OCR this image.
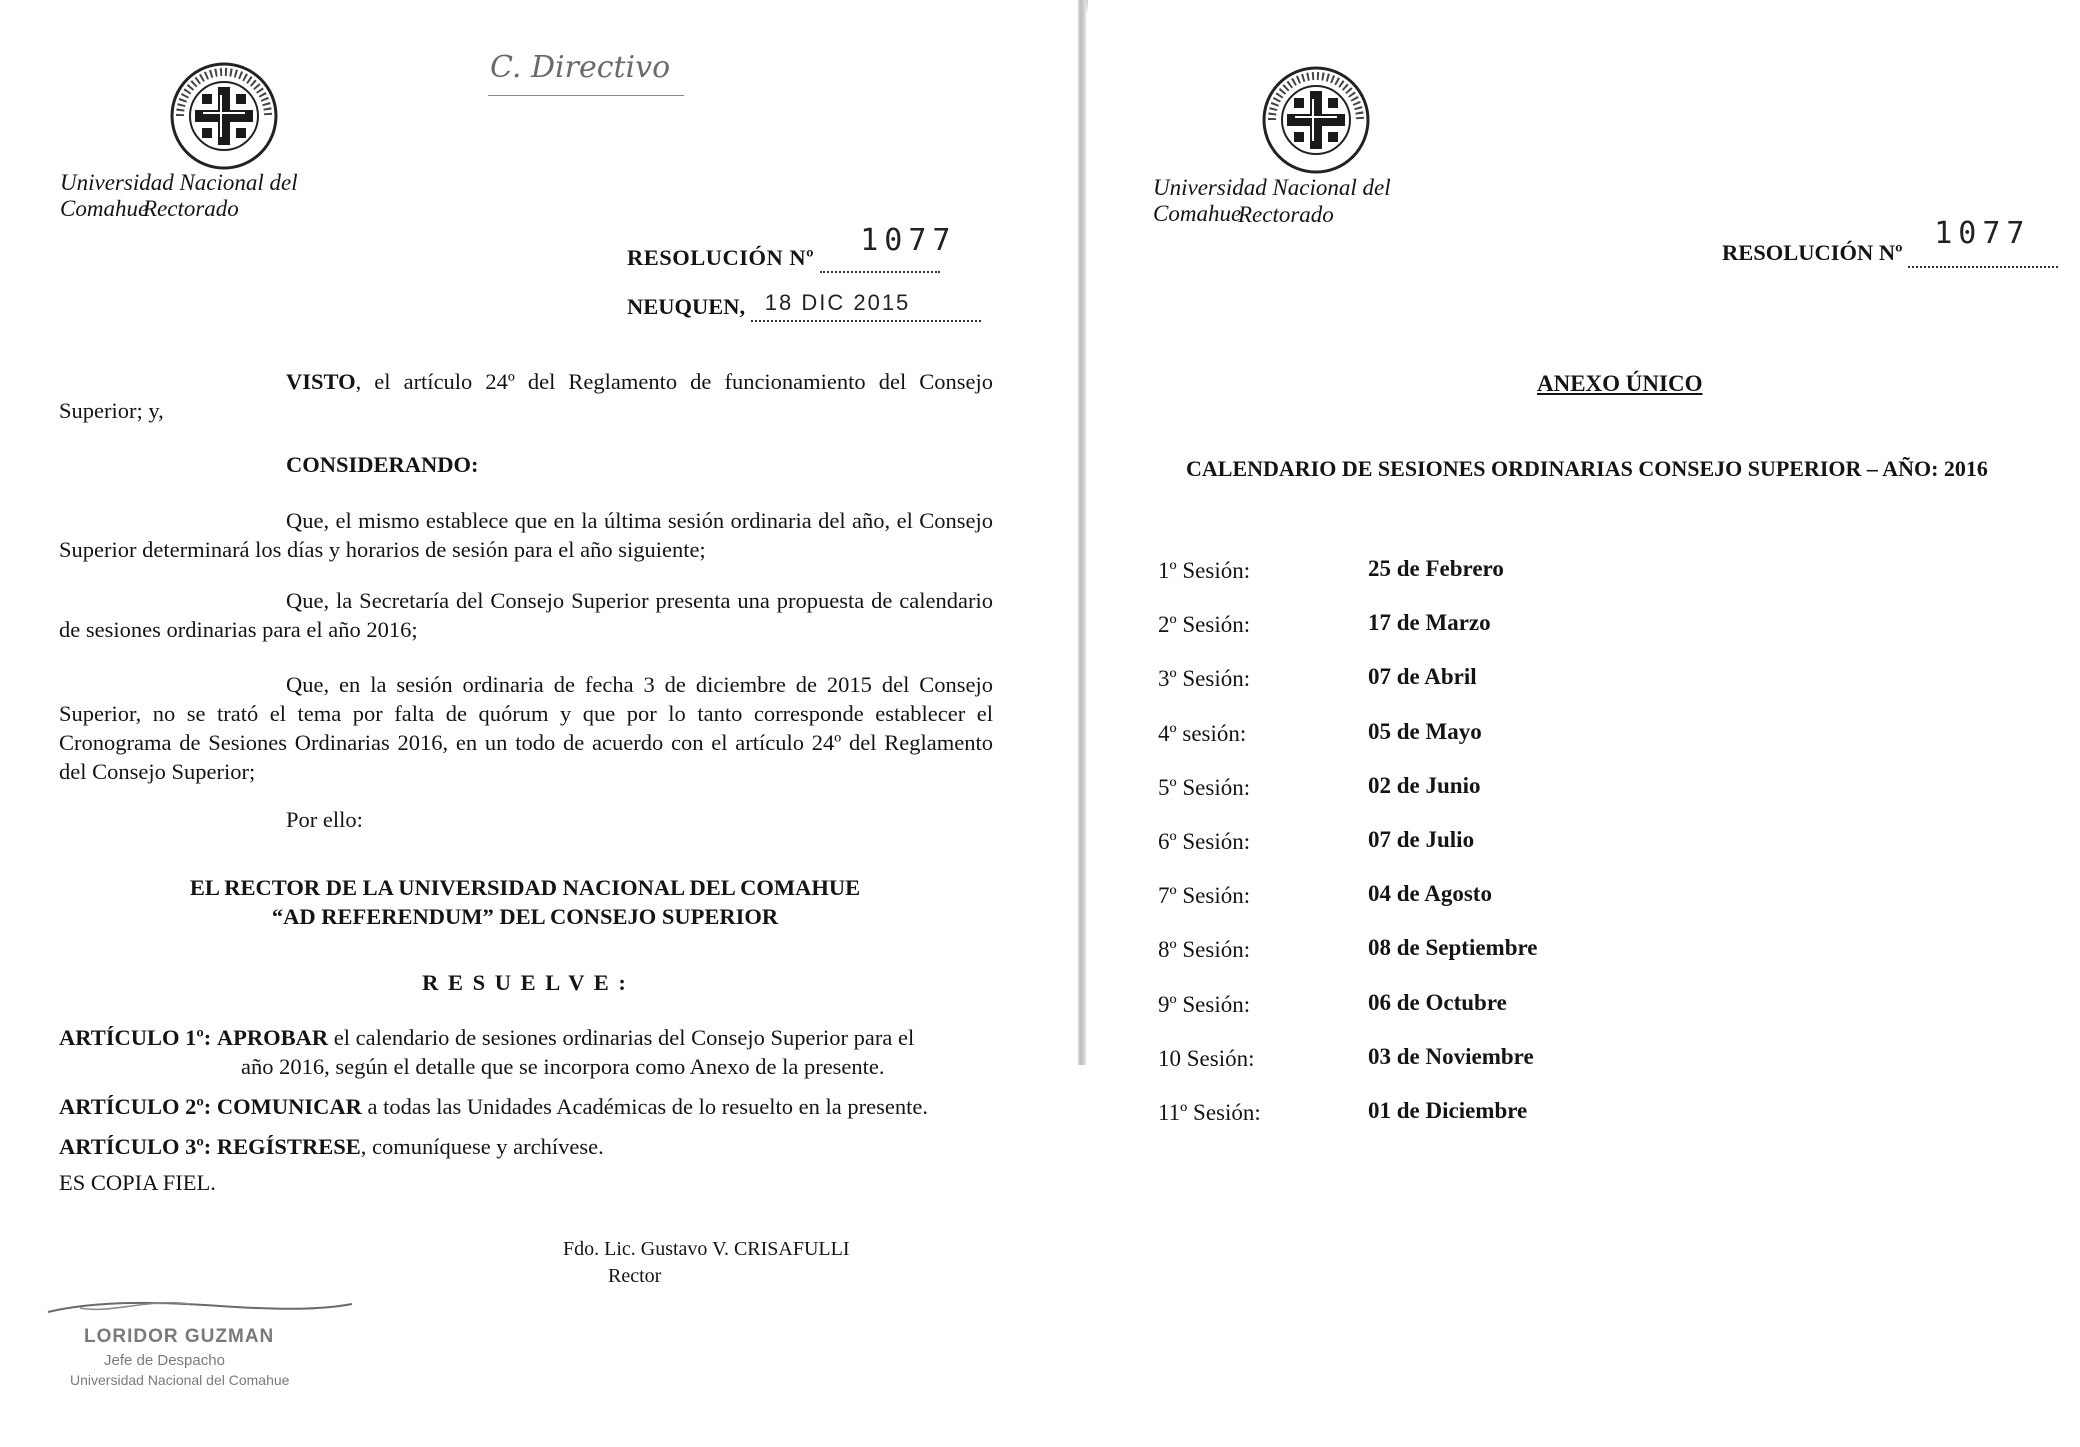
Universidad Nacional del Comahue
Rectorado
C. Directivo
RESOLUCIÓN Nº 1077

NEUQUEN, 18 DIC 2015

VISTO, el artículo 24º del Reglamento de funcionamiento del Consejo Superior; y,
CONSIDERANDO:
Que, el mismo establece que en la última sesión ordinaria del año, el Consejo Superior determinará los días y horarios de sesión para el año siguiente;
Que, la Secretaría del Consejo Superior presenta una propuesta de calendario de sesiones ordinarias para el año 2016;
Que, en la sesión ordinaria de fecha 3 de diciembre de 2015 del Consejo Superior, no se trató el tema por falta de quórum y que por lo tanto corresponde establecer el Cronograma de Sesiones Ordinarias 2016, en un todo de acuerdo con el artículo 24º del Reglamento del Consejo Superior;
Por ello:
EL RECTOR DE LA UNIVERSIDAD NACIONAL DEL COMAHUE
“AD REFERENDUM” DEL CONSEJO SUPERIOR
R E S U E L V E :
ARTÍCULO 1º: APROBAR el calendario de sesiones ordinarias del Consejo Superior para el
año 2016, según el detalle que se incorpora como Anexo de la presente.
ARTÍCULO 2º: COMUNICAR a todas las Unidades Académicas de lo resuelto en la presente.
ARTÍCULO 3º: REGÍSTRESE, comuníquese y archívese.
ES COPIA FIEL.
Fdo. Lic. Gustavo V. CRISAFULLI
Rector
LORIDOR GUZMAN
Jefe de Despacho
Universidad Nacional del Comahue
Universidad Nacional del Comahue
Rectorado
RESOLUCIÓN Nº
1077

ANEXO ÚNICO
CALENDARIO DE SESIONES ORDINARIAS CONSEJO SUPERIOR – AÑO: 2016
1º Sesión:	25 de Febrero
2º Sesión:	17 de Marzo
3º Sesión:	07 de Abril
4º sesión:	05 de Mayo
5º Sesión:	02 de Junio
6º Sesión:	07 de Julio
7º Sesión:	04 de Agosto
8º Sesión:	08 de Septiembre
9º Sesión:	06 de Octubre
10 Sesión:	03 de Noviembre
11º Sesión:	01 de Diciembre
